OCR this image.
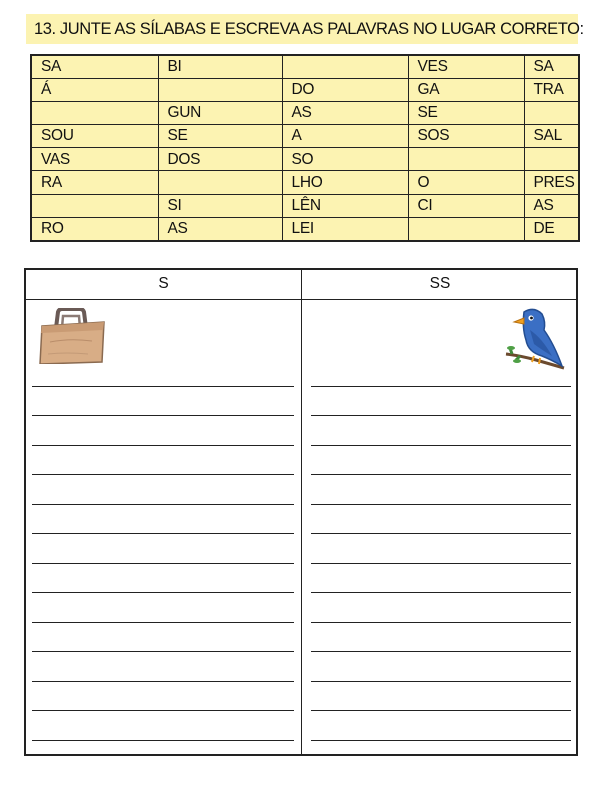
13. JUNTE AS SÍLABAS E ESCREVA AS PALAVRAS NO LUGAR CORRETO:
SA	BI		VES	SA
Á		DO	GA	TRA
	GUN	AS	SE	
SOU	SE	A	SOS	SAL
VAS	DOS	SO		
RA		LHO	O	PRES
	SI	LÊN	CI	AS
RO	AS	LEI		DE
S	SS
